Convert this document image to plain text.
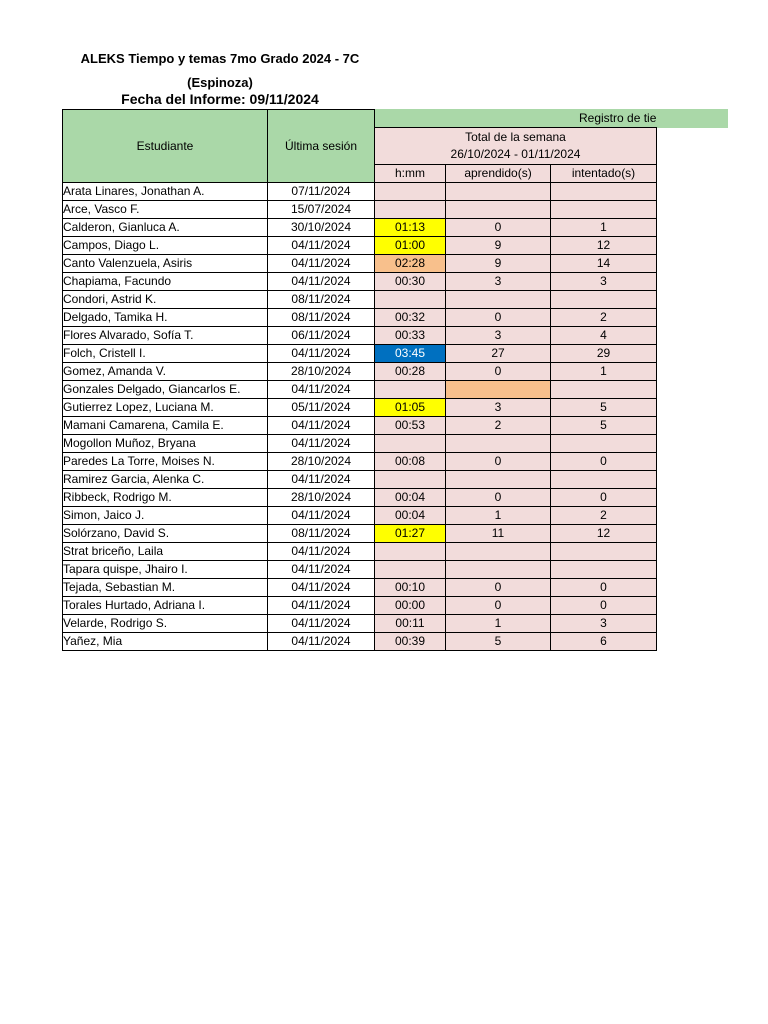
ALEKS Tiempo y temas 7mo Grado 2024 - 7C
(Espinoza)
Fecha del Informe: 09/11/2024
Registro de tie
Estudiante	Última sesión			

		Total de la semana
26/10/2024 - 01/11/2024		

		h:mm	aprendido(s)	intentado(s)
Arata Linares, Jonathan A.	07/11/2024			
Arce, Vasco F.	15/07/2024			
Calderon, Gianluca A.	30/10/2024	01:13	0	1
Campos, Diago L.	04/11/2024	01:00	9	12
Canto Valenzuela, Asiris	04/11/2024	02:28	9	14
Chapiama, Facundo	04/11/2024	00:30	3	3
Condori, Astrid K.	08/11/2024			
Delgado, Tamika H.	08/11/2024	00:32	0	2
Flores Alvarado, Sofía T.	06/11/2024	00:33	3	4
Folch, Cristell I.	04/11/2024	03:45	27	29
Gomez, Amanda V.	28/10/2024	00:28	0	1
Gonzales Delgado, Giancarlos E.	04/11/2024			
Gutierrez Lopez, Luciana M.	05/11/2024	01:05	3	5
Mamani Camarena, Camila E.	04/11/2024	00:53	2	5
Mogollon Muñoz, Bryana	04/11/2024			
Paredes La Torre, Moises N.	28/10/2024	00:08	0	0
Ramirez Garcia, Alenka C.	04/11/2024			
Ribbeck, Rodrigo M.	28/10/2024	00:04	0	0
Simon, Jaico J.	04/11/2024	00:04	1	2
Solórzano, David S.	08/11/2024	01:27	11	12
Strat briceño, Laila	04/11/2024			
Tapara quispe, Jhairo I.	04/11/2024			
Tejada, Sebastian M.	04/11/2024	00:10	0	0
Torales Hurtado, Adriana I.	04/11/2024	00:00	0	0
Velarde, Rodrigo S.	04/11/2024	00:11	1	3
Yañez, Mia	04/11/2024	00:39	5	6
